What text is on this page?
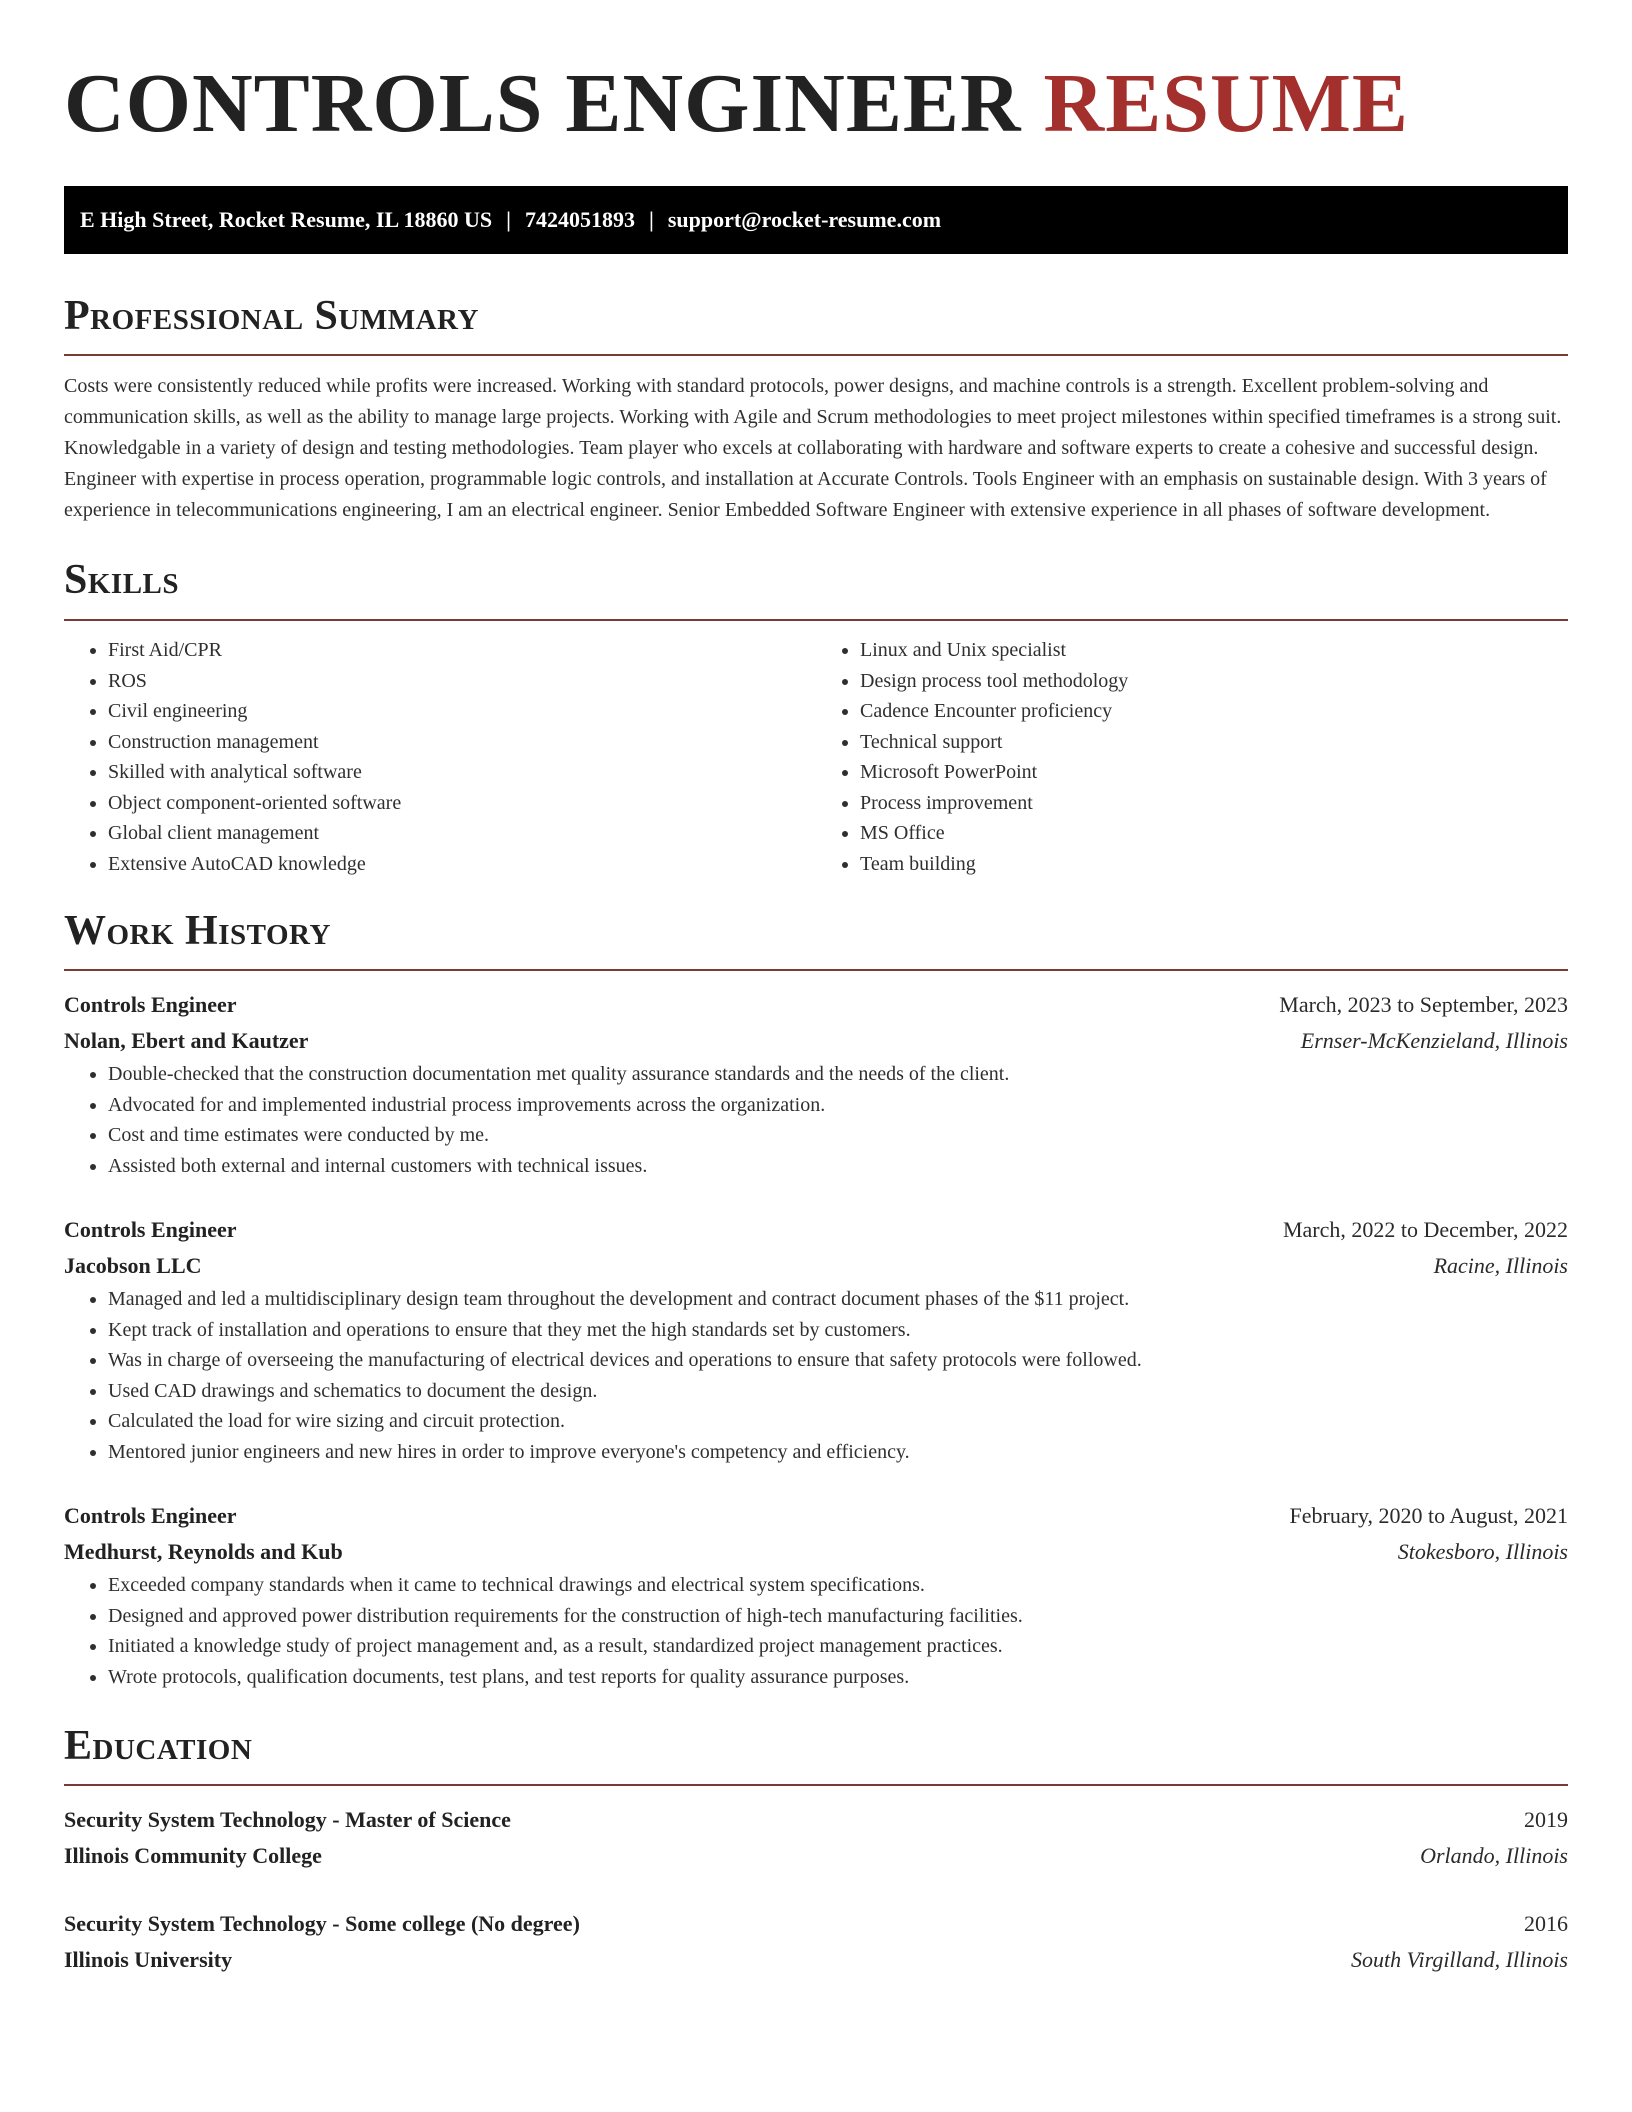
CONTROLS ENGINEER RESUME
E High Street, Rocket Resume, IL 18860 US | 7424051893 | support@rocket-resume.com
Professional Summary

Costs were consistently reduced while profits were increased. Working with standard protocols, power designs, and machine controls is a strength. Excellent problem-solving and communication skills, as well as the ability to manage large projects. Working with Agile and Scrum methodologies to meet project milestones within specified timeframes is a strong suit. Knowledgable in a variety of design and testing methodologies. Team player who excels at collaborating with hardware and software experts to create a cohesive and successful design. Engineer with expertise in process operation, programmable logic controls, and installation at Accurate Controls. Tools Engineer with an emphasis on sustainable design. With 3 years of experience in telecommunications engineering, I am an electrical engineer. Senior Embedded Software Engineer with extensive experience in all phases of software development.

Skills
• First Aid/CPR
• ROS
• Civil engineering
• Construction management
• Skilled with analytical software
• Object component-oriented software
• Global client management
• Extensive AutoCAD knowledge
• Linux and Unix specialist
• Design process tool methodology
• Cadence Encounter proficiency
• Technical support
• Microsoft PowerPoint
• Process improvement
• MS Office
• Team building
Work History
Controls Engineer	March, 2023 to September, 2023
Nolan, Ebert and Kautzer	Ernser-McKenzieland, Illinois
• Double-checked that the construction documentation met quality assurance standards and the needs of the client.
• Advocated for and implemented industrial process improvements across the organization.
• Cost and time estimates were conducted by me.
• Assisted both external and internal customers with technical issues.
Controls Engineer	March, 2022 to December, 2022
Jacobson LLC	Racine, Illinois
• Managed and led a multidisciplinary design team throughout the development and contract document phases of the $11 project.
• Kept track of installation and operations to ensure that they met the high standards set by customers.
• Was in charge of overseeing the manufacturing of electrical devices and operations to ensure that safety protocols were followed.
• Used CAD drawings and schematics to document the design.
• Calculated the load for wire sizing and circuit protection.
• Mentored junior engineers and new hires in order to improve everyone's competency and efficiency.
Controls Engineer	February, 2020 to August, 2021
Medhurst, Reynolds and Kub	Stokesboro, Illinois
• Exceeded company standards when it came to technical drawings and electrical system specifications.
• Designed and approved power distribution requirements for the construction of high-tech manufacturing facilities.
• Initiated a knowledge study of project management and, as a result, standardized project management practices.
• Wrote protocols, qualification documents, test plans, and test reports for quality assurance purposes.
Education
Security System Technology - Master of Science	2019
Illinois Community College	Orlando, Illinois
Security System Technology - Some college (No degree)	2016
Illinois University	South Virgilland, Illinois
